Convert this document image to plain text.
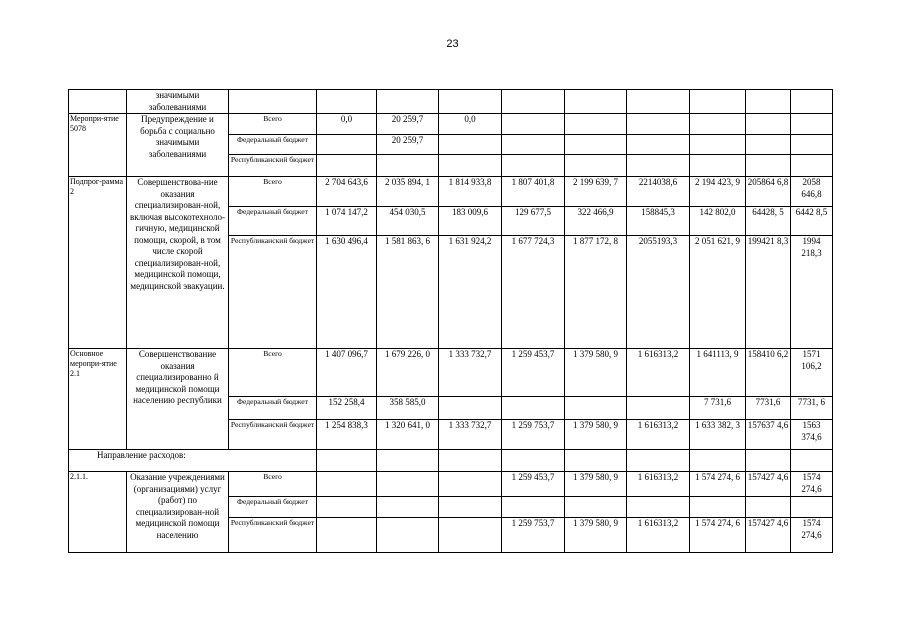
23
	значимыми заболеваниями										
Меропри-ятие 5078	Предупреждение и борьба с социально значимыми заболеваниями	Всего	0,0	20 259,7	0,0						
		Федеральный бюджет		20 259,7							
		Республиканский бюджет									
Подпрог-рамма 2	Совершенствова-ние оказания специализирован-ной, включая высокотехноло-гичную, медицинской помощи, скорой, в том числе скорой специализирован-ной, медицинской помощи, медицинской эвакуации.	Всего	2 704 643,6	2 035 894, 1	1 814 933,8	1 807 401,8	2 199 639, 7	2214038,6	2 194 423, 9	205864 6,8	2058 646,8
		Федеральный бюджет	1 074 147,2	454 030,5	183 009,6	129 677,5	322 466,9	158845,3	142 802,0	64428, 5	6442 8,5
		Республиканский бюджет	1 630 496,4	1 581 863, 6	1 631 924,2	1 677 724,3	1 877 172, 8	2055193,3	2 051 621, 9	199421 8,3	1994 218,3
Основное меропри-ятие 2.1	Совершенствование оказания специализированно й медицинской помощи населению республики	Всего	1 407 096,7	1 679 226, 0	1 333 732,7	1 259 453,7	1 379 580, 9	1 616313,2	1 641113, 9	158410 6,2	1571 106,2
		Федеральный бюджет	152 258,4	358 585,0					7 731,6	7731,6	7731, 6
		Республиканский бюджет	1 254 838,3	1 320 641, 0	1 333 732,7	1 259 753,7	1 379 580, 9	1 616313,2	1 633 382, 3	157637 4,6	1563 374,6
Направление расходов:											
2.1.1.	Оказание учреждениями (организациями) услуг (работ) по специализирован-ной медицинской помощи населению	Всего				1 259 453,7	1 379 580, 9	1 616313,2	1 574 274, 6	157427 4,6	1574 274,6
		Федеральный бюджет									
		Республиканский бюджет				1 259 753,7	1 379 580, 9	1 616313,2	1 574 274, 6	157427 4,6	1574 274,6
